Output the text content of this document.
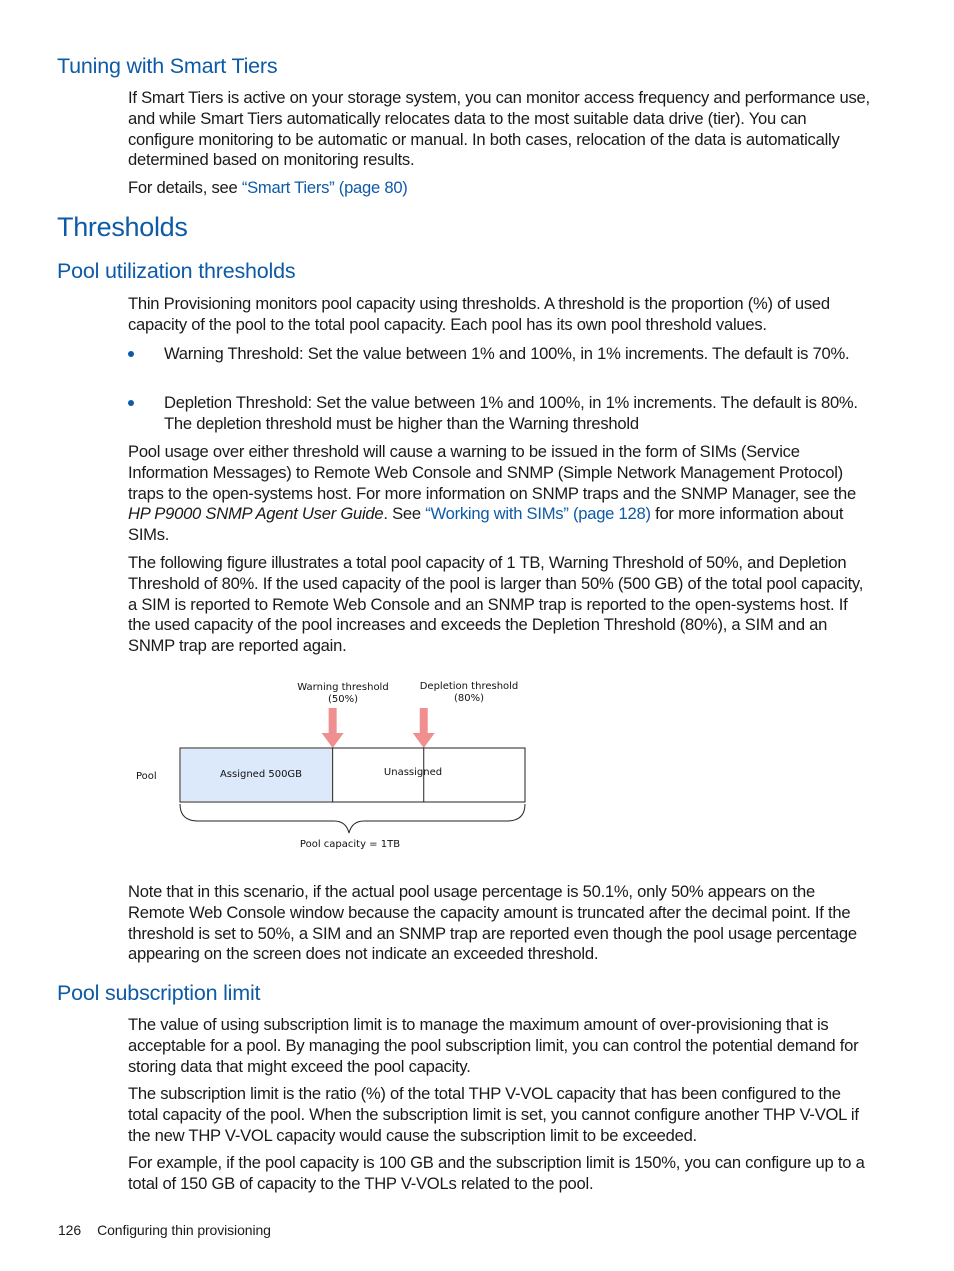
Tuning with Smart Tiers

If Smart Tiers is active on your storage system, you can monitor access frequency and performance use, and while Smart Tiers automatically relocates data to the most suitable data drive (tier). You can configure monitoring to be automatic or manual. In both cases, relocation of the data is automatically determined based on monitoring results.

For details, see “Smart Tiers” (page 80)

Thresholds
Pool utilization thresholds

Thin Provisioning monitors pool capacity using thresholds. A threshold is the proportion (%) of used capacity of the pool to the total pool capacity. Each pool has its own pool threshold values.

Warning Threshold: Set the value between 1% and 100%, in 1% increments. The default is 70%.

Depletion Threshold: Set the value between 1% and 100%, in 1% increments. The default is 80%. The depletion threshold must be higher than the Warning threshold

Pool usage over either threshold will cause a warning to be issued in the form of SIMs (Service Information Messages) to Remote Web Console and SNMP (Simple Network Management Protocol) traps to the open-systems host. For more information on SNMP traps and the SNMP Manager, see the HP P9000 SNMP Agent User Guide. See “Working with SIMs” (page 128) for more information about SIMs.

The following figure illustrates a total pool capacity of 1 TB, Warning Threshold of 50%, and Depletion Threshold of 80%. If the used capacity of the pool is larger than 50% (500 GB) of the total pool capacity, a SIM is reported to Remote Web Console and an SNMP trap is reported to the open-systems host. If the used capacity of the pool increases and exceeds the Depletion Threshold (80%), a SIM and an SNMP trap are reported again.

Warning threshold
(50%)
Depletion threshold
(80%)
Pool	Assigned 500GB	Unassigned
Pool capacity = 1TB

Note that in this scenario, if the actual pool usage percentage is 50.1%, only 50% appears on the Remote Web Console window because the capacity amount is truncated after the decimal point. If the threshold is set to 50%, a SIM and an SNMP trap are reported even though the pool usage percentage appearing on the screen does not indicate an exceeded threshold.

Pool subscription limit

The value of using subscription limit is to manage the maximum amount of over-provisioning that is acceptable for a pool. By managing the pool subscription limit, you can control the potential demand for storing data that might exceed the pool capacity.

The subscription limit is the ratio (%) of the total THP V-VOL capacity that has been configured to the total capacity of the pool. When the subscription limit is set, you cannot configure another THP V-VOL if the new THP V-VOL capacity would cause the subscription limit to be exceeded.

For example, if the pool capacity is 100 GB and the subscription limit is 150%, you can configure up to a total of 150 GB of capacity to the THP V-VOLs related to the pool.

126 Configuring thin provisioning
